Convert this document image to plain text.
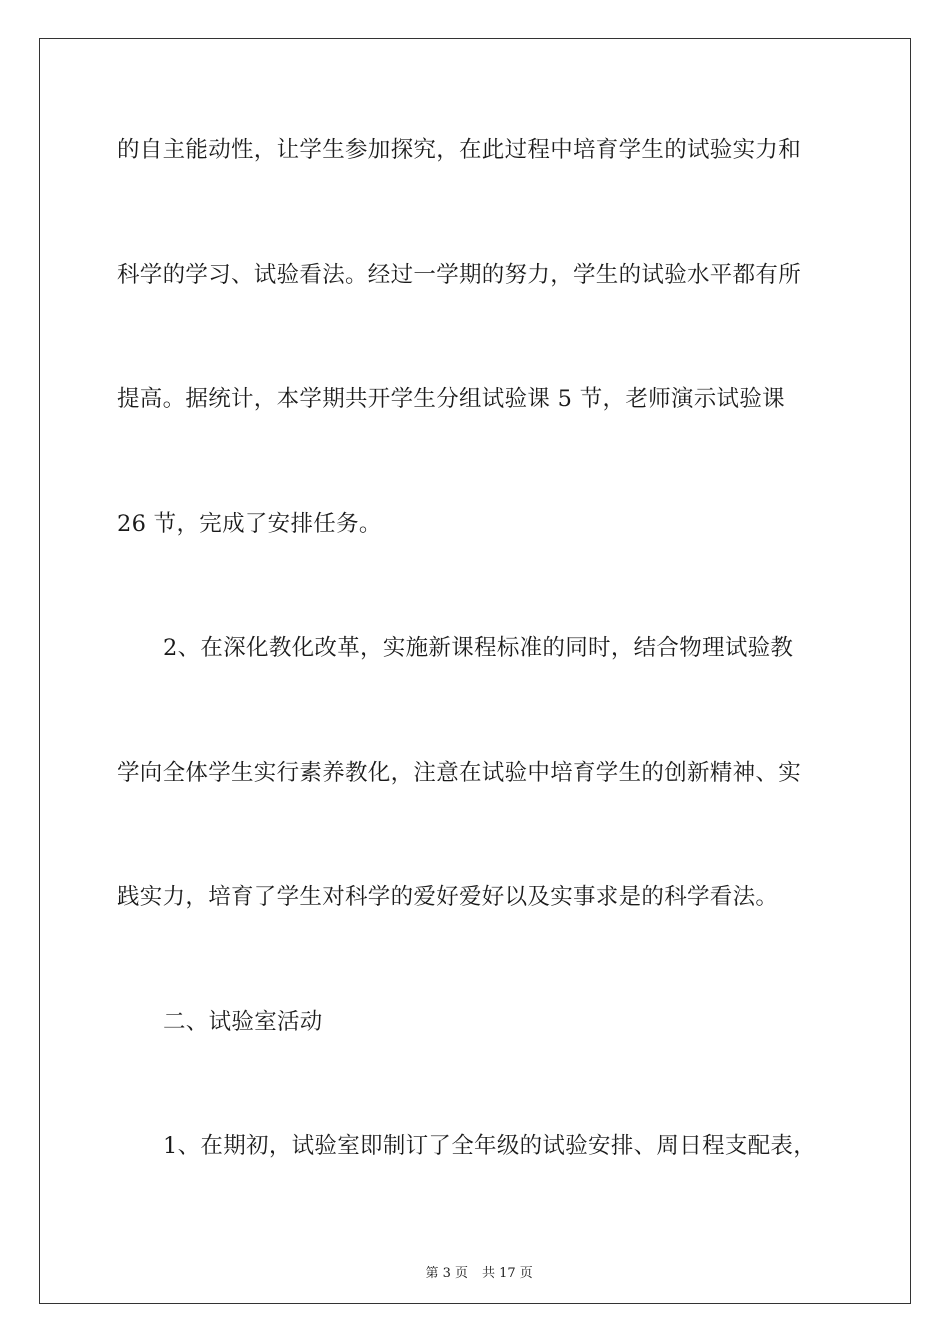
的自主能动性，让学生参加探究，在此过程中培育学生的试验实力和
科学的学习、试验看法。经过一学期的努力，学生的试验水平都有所
提高。据统计，本学期共开学生分组试验课 5 节，老师演示试验课
26 节，完成了安排任务。
2、在深化教化改革，实施新课程标准的同时，结合物理试验教
学向全体学生实行素养教化，注意在试验中培育学生的创新精神、实
践实力，培育了学生对科学的爱好爱好以及实事求是的科学看法。
二、试验室活动
1、在期初，试验室即制订了全年级的试验安排、周日程支配表，

第 3 页 共 17 页
